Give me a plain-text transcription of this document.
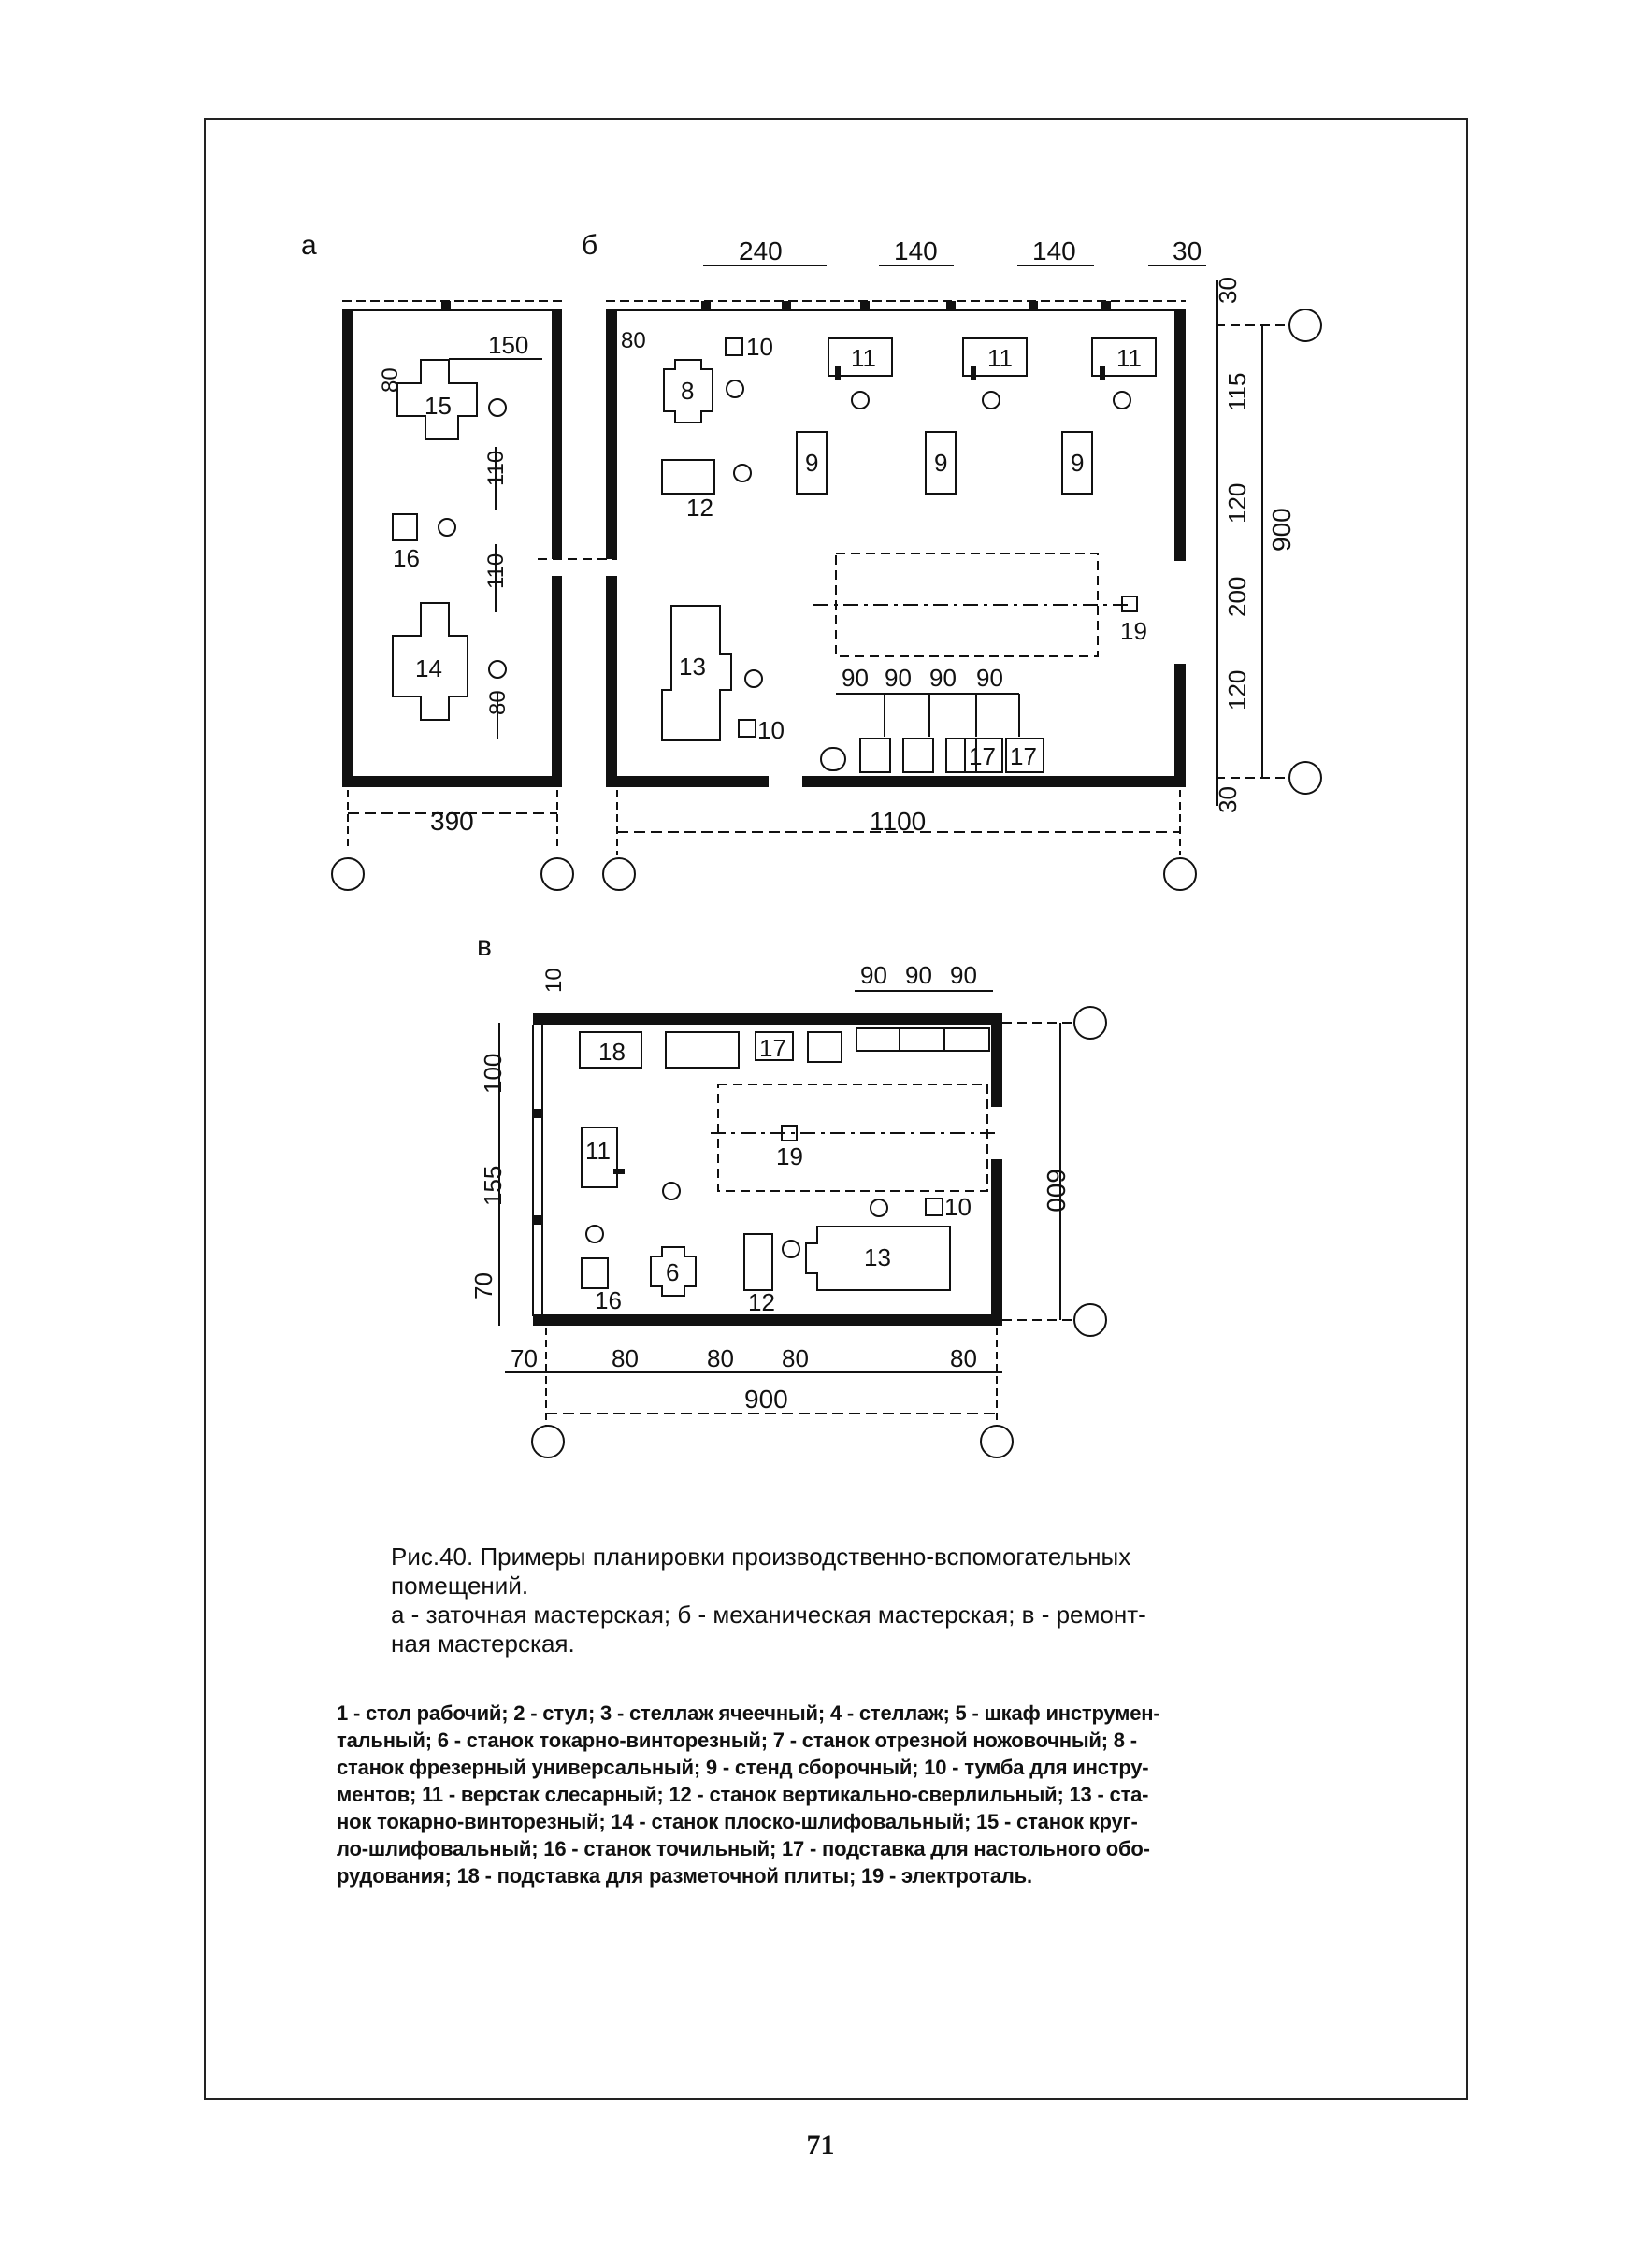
а
150
80
15
110
16	110
14
80
390
б	240	140	140	30
80
8
10	11	11	11
12
9	9	9
19
13
10
90 90 90 90
17 17
30
115
120
200
120
30
900
1100
в
10	90 90 90
18	17
19
11
100
155
70
10
13
16
6
12
600
70	80	80 80	80
900

Рис.40. Примеры планировки производственно-вспомогательных

помещений.

а - заточная мастерская; б - механическая мастерская; в - ремонт-

ная мастерская.

1 - стол рабочий; 2 - стул; 3 - стеллаж ячеечный; 4 - стеллаж; 5 - шкаф инструмен-
тальный; 6 - станок токарно-винторезный; 7 - станок отрезной ножовочный; 8 -
станок фрезерный универсальный; 9 - стенд сборочный; 10 - тумба для инстру-
ментов; 11 - верстак слесарный; 12 - станок вертикально-сверлильный; 13 - ста-
нок токарно-винторезный; 14 - станок плоско-шлифовальный; 15 - станок круг-
ло-шлифовальный; 16 - станок точильный; 17 - подставка для настольного обо-
рудования; 18 - подставка для разметочной плиты; 19 - электроталь.
71
